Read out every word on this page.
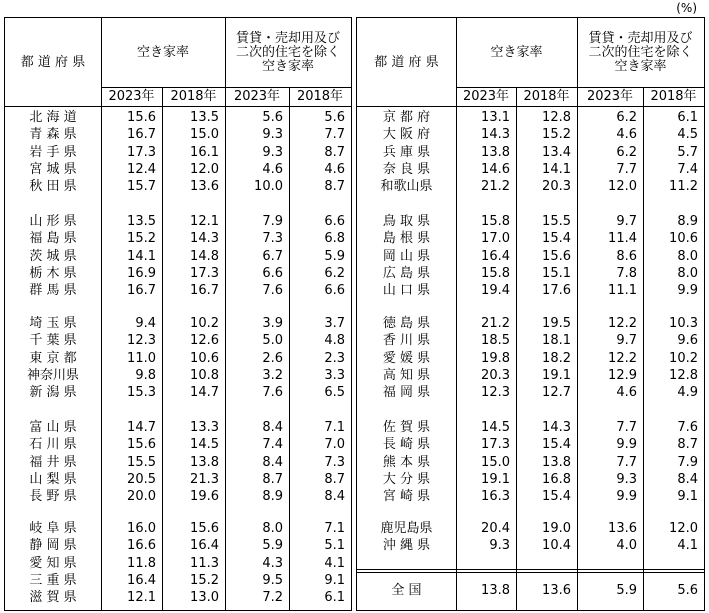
(%)
都 道 府 県
空き家率
賃貸・売却用及び二次的住宅を除く空き家率
2023年	2018年	2023年	2018年
北 海 道	15.6	13.5	5.6	5.6
青 森 県	16.7	15.0	9.3	7.7
岩 手 県	17.3	16.1	9.3	8.7
宮 城 県	12.4	12.0	4.6	4.6
秋 田 県	15.7	13.6	10.0	8.7
山 形 県	13.5	12.1	7.9	6.6
福 島 県	15.2	14.3	7.3	6.8
茨 城 県	14.1	14.8	6.7	5.9
栃 木 県	16.9	17.3	6.6	6.2
群 馬 県	16.7	16.7	7.6	6.6
埼 玉 県	9.4	10.2	3.9	3.7
千 葉 県	12.3	12.6	5.0	4.8
東 京 都	11.0	10.6	2.6	2.3
神奈川県	9.8	10.8	3.2	3.3
新 潟 県	15.3	14.7	7.6	6.5
富 山 県	14.7	13.3	8.4	7.1
石 川 県	15.6	14.5	7.4	7.0
福 井 県	15.5	13.8	8.4	7.3
山 梨 県	20.5	21.3	8.7	8.7
長 野 県	20.0	19.6	8.9	8.4
岐 阜 県	16.0	15.6	8.0	7.1
静 岡 県	16.6	16.4	5.9	5.1
愛 知 県	11.8	11.3	4.3	4.1
三 重 県	16.4	15.2	9.5	9.1
滋 賀 県	12.1	13.0	7.2	6.1
都 道 府 県
空き家率
賃貸・売却用及び二次的住宅を除く空き家率
2023年	2018年	2023年	2018年
京 都 府	13.1	12.8	6.2	6.1
大 阪 府	14.3	15.2	4.6	4.5
兵 庫 県	13.8	13.4	6.2	5.7
奈 良 県	14.6	14.1	7.7	7.4
和歌山県	21.2	20.3	12.0	11.2
鳥 取 県	15.8	15.5	9.7	8.9
島 根 県	17.0	15.4	11.4	10.6
岡 山 県	16.4	15.6	8.6	8.0
広 島 県	15.8	15.1	7.8	8.0
山 口 県	19.4	17.6	11.1	9.9
徳 島 県	21.2	19.5	12.2	10.3
香 川 県	18.5	18.1	9.7	9.6
愛 媛 県	19.8	18.2	12.2	10.2
高 知 県	20.3	19.1	12.9	12.8
福 岡 県	12.3	12.7	4.6	4.9
佐 賀 県	14.5	14.3	7.7	7.6
長 崎 県	17.3	15.4	9.9	8.7
熊 本 県	15.0	13.8	7.7	7.9
大 分 県	19.1	16.8	9.3	8.4
宮 崎 県	16.3	15.4	9.9	9.1
鹿児島県	20.4	19.0	13.6	12.0
沖 縄 県	9.3	10.4	4.0	4.1
全 国	13.8	13.6	5.9	5.6
